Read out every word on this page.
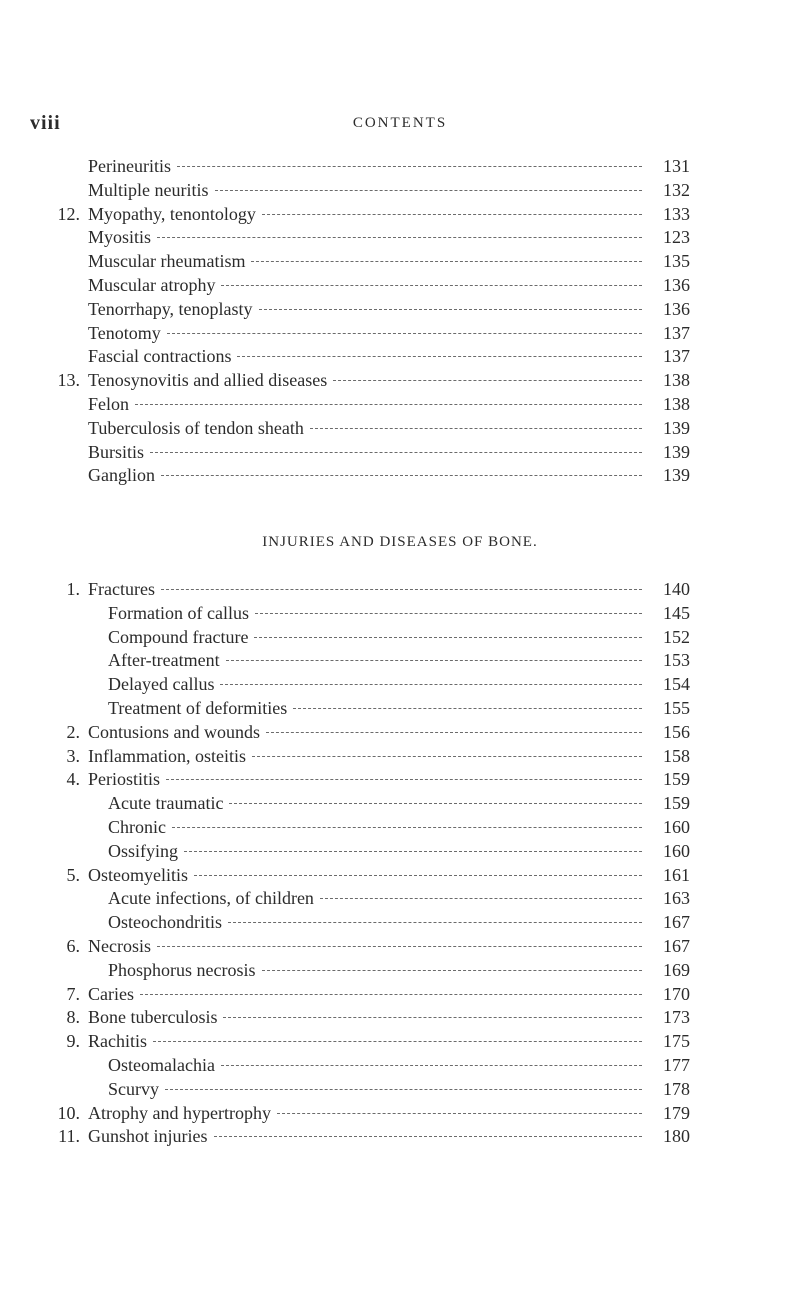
viii	CONTENTS
Perineuritis	131
Multiple neuritis	132
12. Myopathy, tenontology	133
Myositis	123
Muscular rheumatism	135
Muscular atrophy	136
Tenorrhapy, tenoplasty	136
Tenotomy	137
Fascial contractions	137
13. Tenosynovitis and allied diseases	138
Felon	138
Tuberculosis of tendon sheath	139
Bursitis	139
Ganglion	139
INJURIES AND DISEASES OF BONE.
1. Fractures	140
Formation of callus	145
Compound fracture	152
After-treatment	153
Delayed callus	154
Treatment of deformities	155
2. Contusions and wounds	156
3. Inflammation, osteitis	158
4. Periostitis	159
Acute traumatic	159
Chronic	160
Ossifying	160
5. Osteomyelitis	161
Acute infections, of children	163
Osteochondritis	167
6. Necrosis	167
Phosphorus necrosis	169
7. Caries	170
8. Bone tuberculosis	173
9. Rachitis	175
Osteomalachia	177
Scurvy	178
10. Atrophy and hypertrophy	179
11. Gunshot injuries	180
